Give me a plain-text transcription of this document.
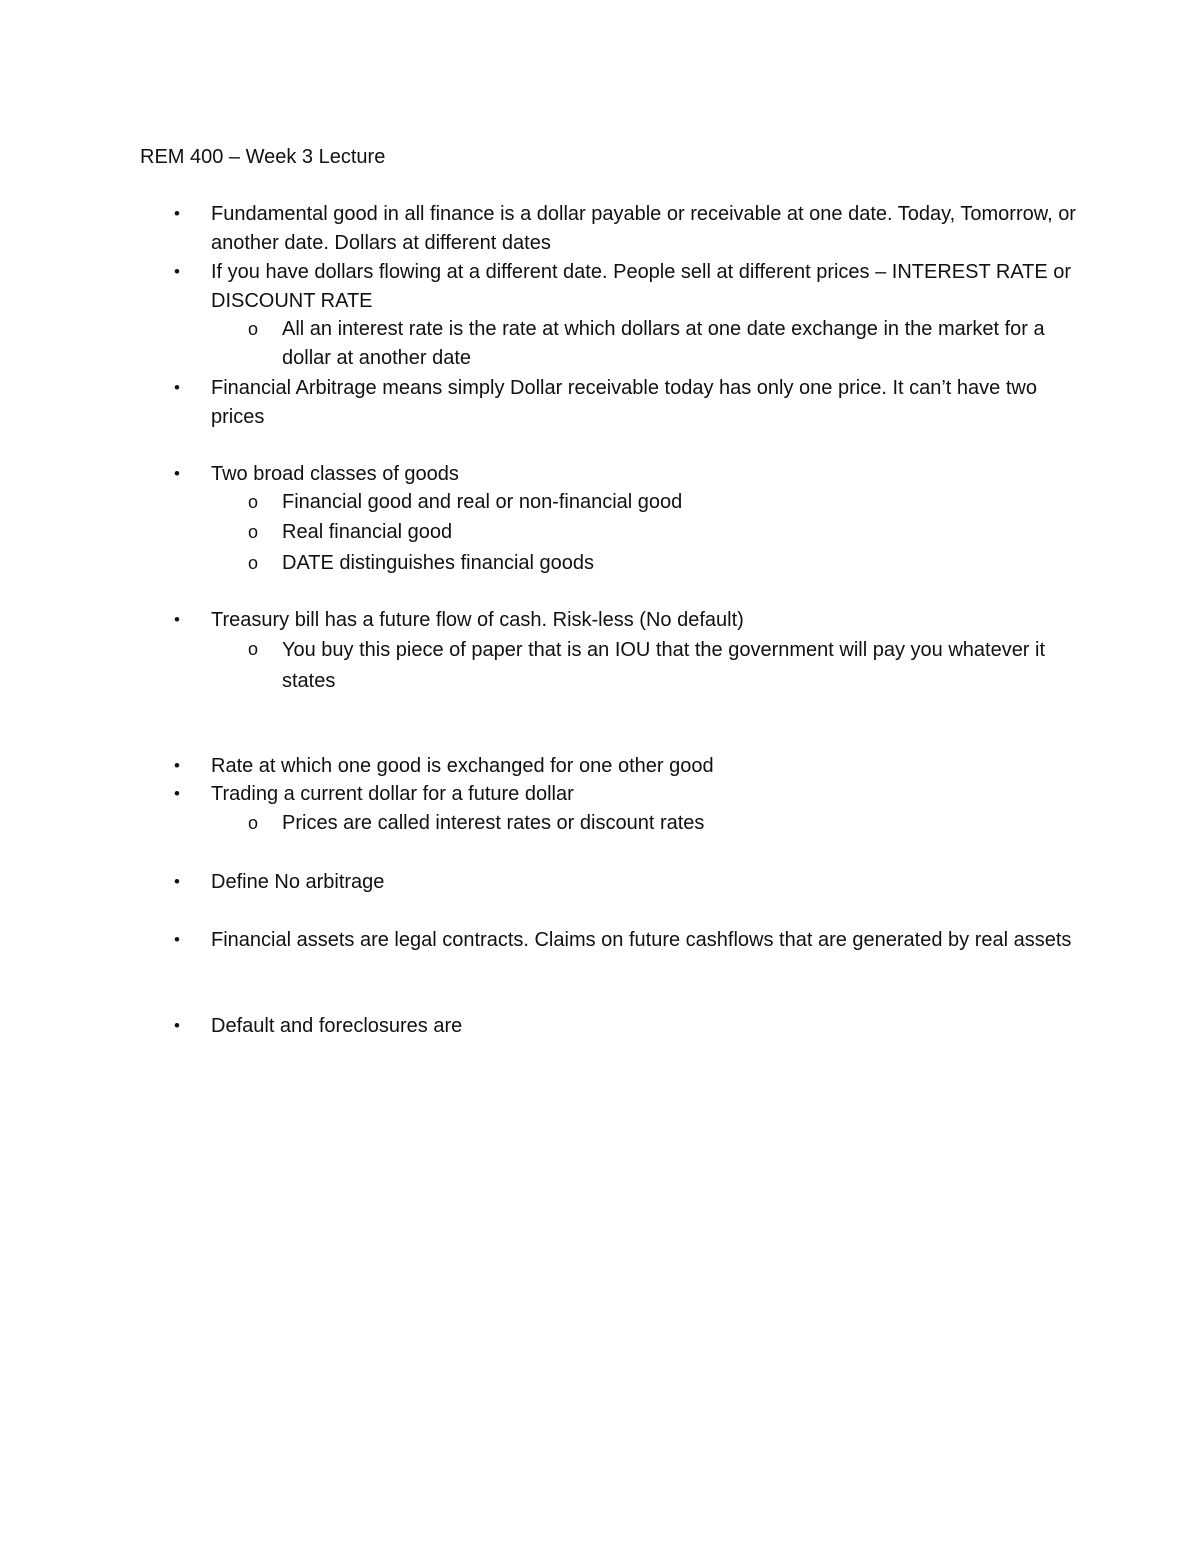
REM 400 – Week 3 Lecture
• Fundamental good in all finance is a dollar payable or receivable at one date. Today, Tomorrow, or another date. Dollars at different dates
• If you have dollars flowing at a different date. People sell at different prices – INTEREST RATE or DISCOUNT RATE
o All an interest rate is the rate at which dollars at one date exchange in the market for a dollar at another date
• Financial Arbitrage means simply Dollar receivable today has only one price. It can’t have two prices
• Two broad classes of goods
o Financial good and real or non-financial good
o Real financial good
o DATE distinguishes financial goods
• Treasury bill has a future flow of cash. Risk-less (No default)
o You buy this piece of paper that is an IOU that the government will pay you whatever it states
• Rate at which one good is exchanged for one other good
• Trading a current dollar for a future dollar
o Prices are called interest rates or discount rates
• Define No arbitrage
• Financial assets are legal contracts. Claims on future cashflows that are generated by real assets
• Default and foreclosures are
